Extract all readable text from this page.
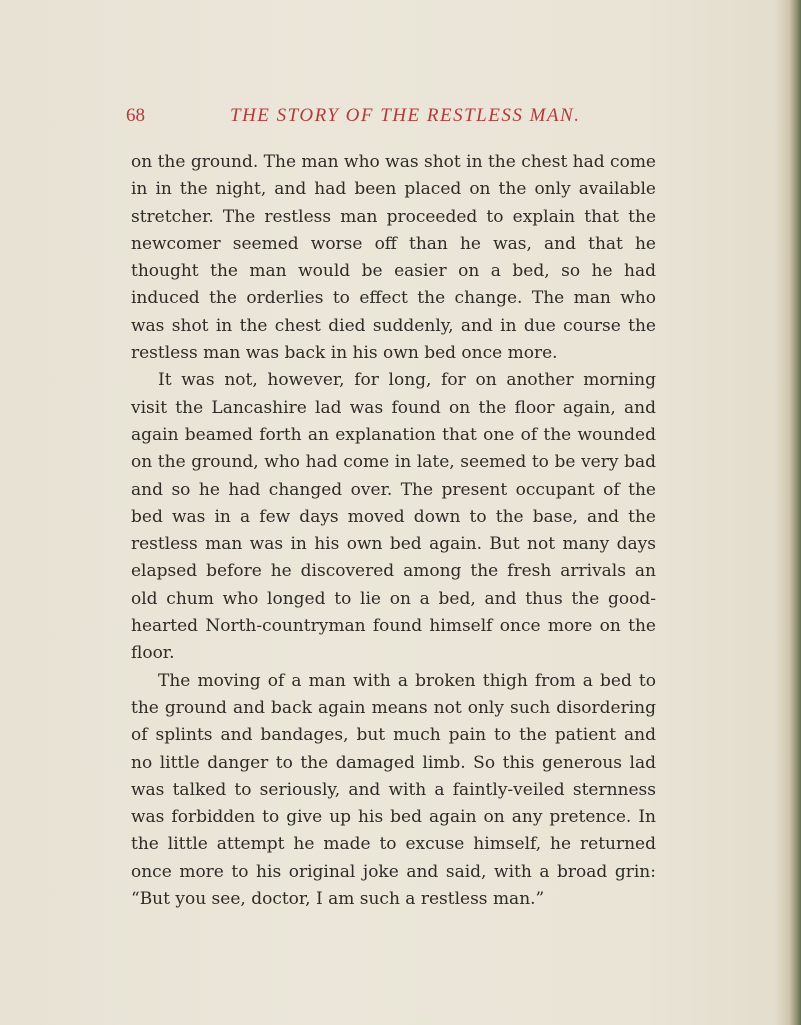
68	THE STORY OF THE RESTLESS MAN.

on the ground. The man who was shot in the chest had come in in the night, and had been placed on the only available stretcher. The restless man proceeded to explain that the newcomer seemed worse off than he was, and that he thought the man would be easier on a bed, so he had induced the orderlies to effect the change. The man who was shot in the chest died suddenly, and in due course the restless man was back in his own bed once more.

It was not, however, for long, for on another morning visit the Lancashire lad was found on the floor again, and again beamed forth an explanation that one of the wounded on the ground, who had come in late, seemed to be very bad and so he had changed over. The present occupant of the bed was in a few days moved down to the base, and the restless man was in his own bed again. But not many days elapsed before he discovered among the fresh arrivals an old chum who longed to lie on a bed, and thus the good-hearted North-countryman found himself once more on the floor.

The moving of a man with a broken thigh from a bed to the ground and back again means not only such disordering of splints and bandages, but much pain to the patient and no little danger to the damaged limb. So this generous lad was talked to seriously, and with a faintly-veiled sternness was forbidden to give up his bed again on any pretence. In the little attempt he made to excuse himself, he returned once more to his original joke and said, with a broad grin: “But you see, doctor, I am such a restless man.”
